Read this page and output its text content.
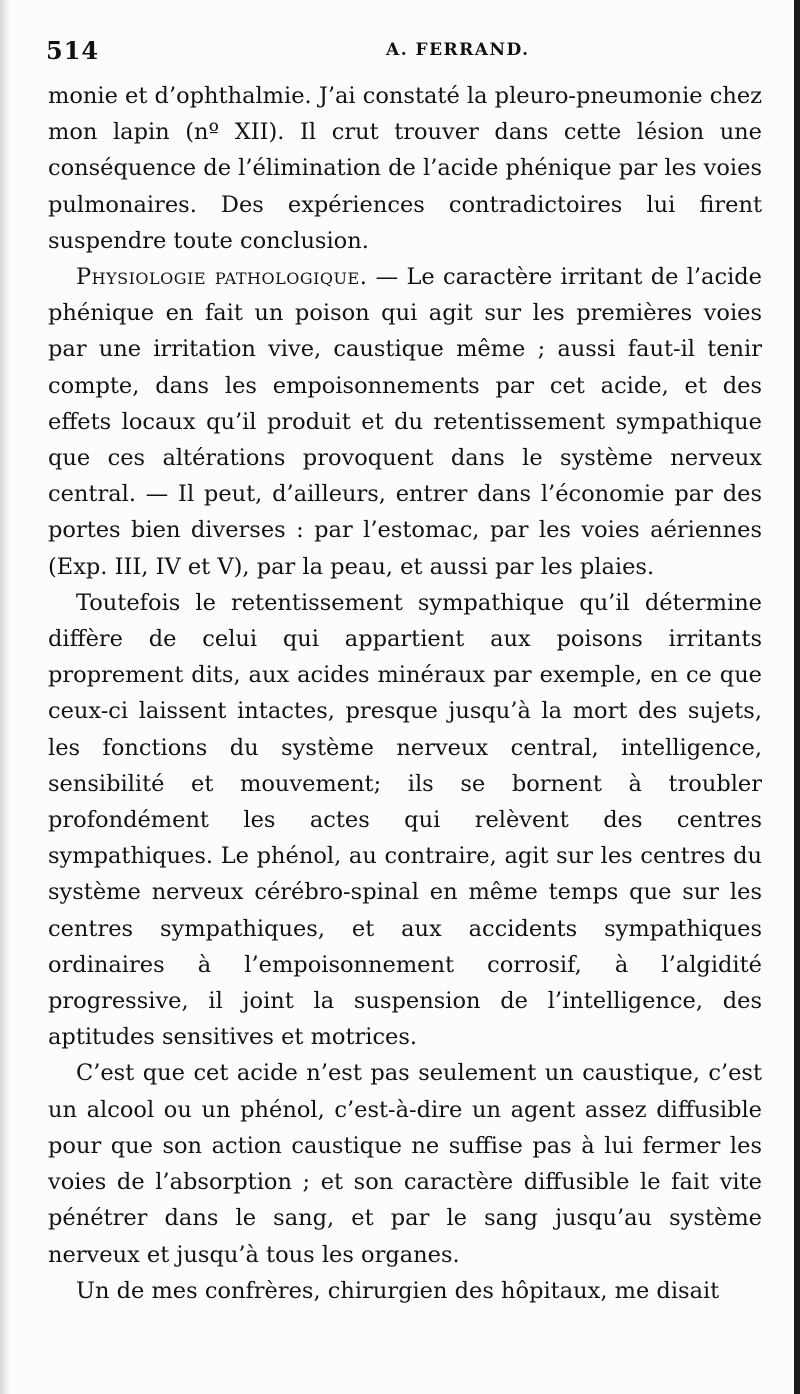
514	A. FERRAND.

monie et d’ophthalmie. J’ai constaté la pleuro-pneumonie chez mon lapin (nº XII). Il crut trouver dans cette lésion une conséquence de l’élimination de l’acide phénique par les voies pulmonaires. Des expériences contradictoires lui firent suspendre toute conclusion.

Physiologie pathologique. — Le caractère irritant de l’acide phénique en fait un poison qui agit sur les premières voies par une irritation vive, caustique même ; aussi faut-il tenir compte, dans les empoisonnements par cet acide, et des effets locaux qu’il produit et du retentissement sympathique que ces altérations provoquent dans le système nerveux central. — Il peut, d’ailleurs, entrer dans l’économie par des portes bien diverses : par l’estomac, par les voies aériennes (Exp. III, IV et V), par la peau, et aussi par les plaies.

Toutefois le retentissement sympathique qu’il détermine diffère de celui qui appartient aux poisons irritants proprement dits, aux acides minéraux par exemple, en ce que ceux-ci laissent intactes, presque jusqu’à la mort des sujets, les fonctions du système nerveux central, intelligence, sensibilité et mouvement; ils se bornent à troubler profondément les actes qui relèvent des centres sympathiques. Le phénol, au contraire, agit sur les centres du système nerveux cérébro-spinal en même temps que sur les centres sympathiques, et aux accidents sympathiques ordinaires à l’empoisonnement corrosif, à l’algidité progressive, il joint la suspension de l’intelligence, des aptitudes sensitives et motrices.

C’est que cet acide n’est pas seulement un caustique, c’est un alcool ou un phénol, c’est-à-dire un agent assez diffusible pour que son action caustique ne suffise pas à lui fermer les voies de l’absorption ; et son caractère diffusible le fait vite pénétrer dans le sang, et par le sang jusqu’au système nerveux et jusqu’à tous les organes.

Un de mes confrères, chirurgien des hôpitaux, me disait
